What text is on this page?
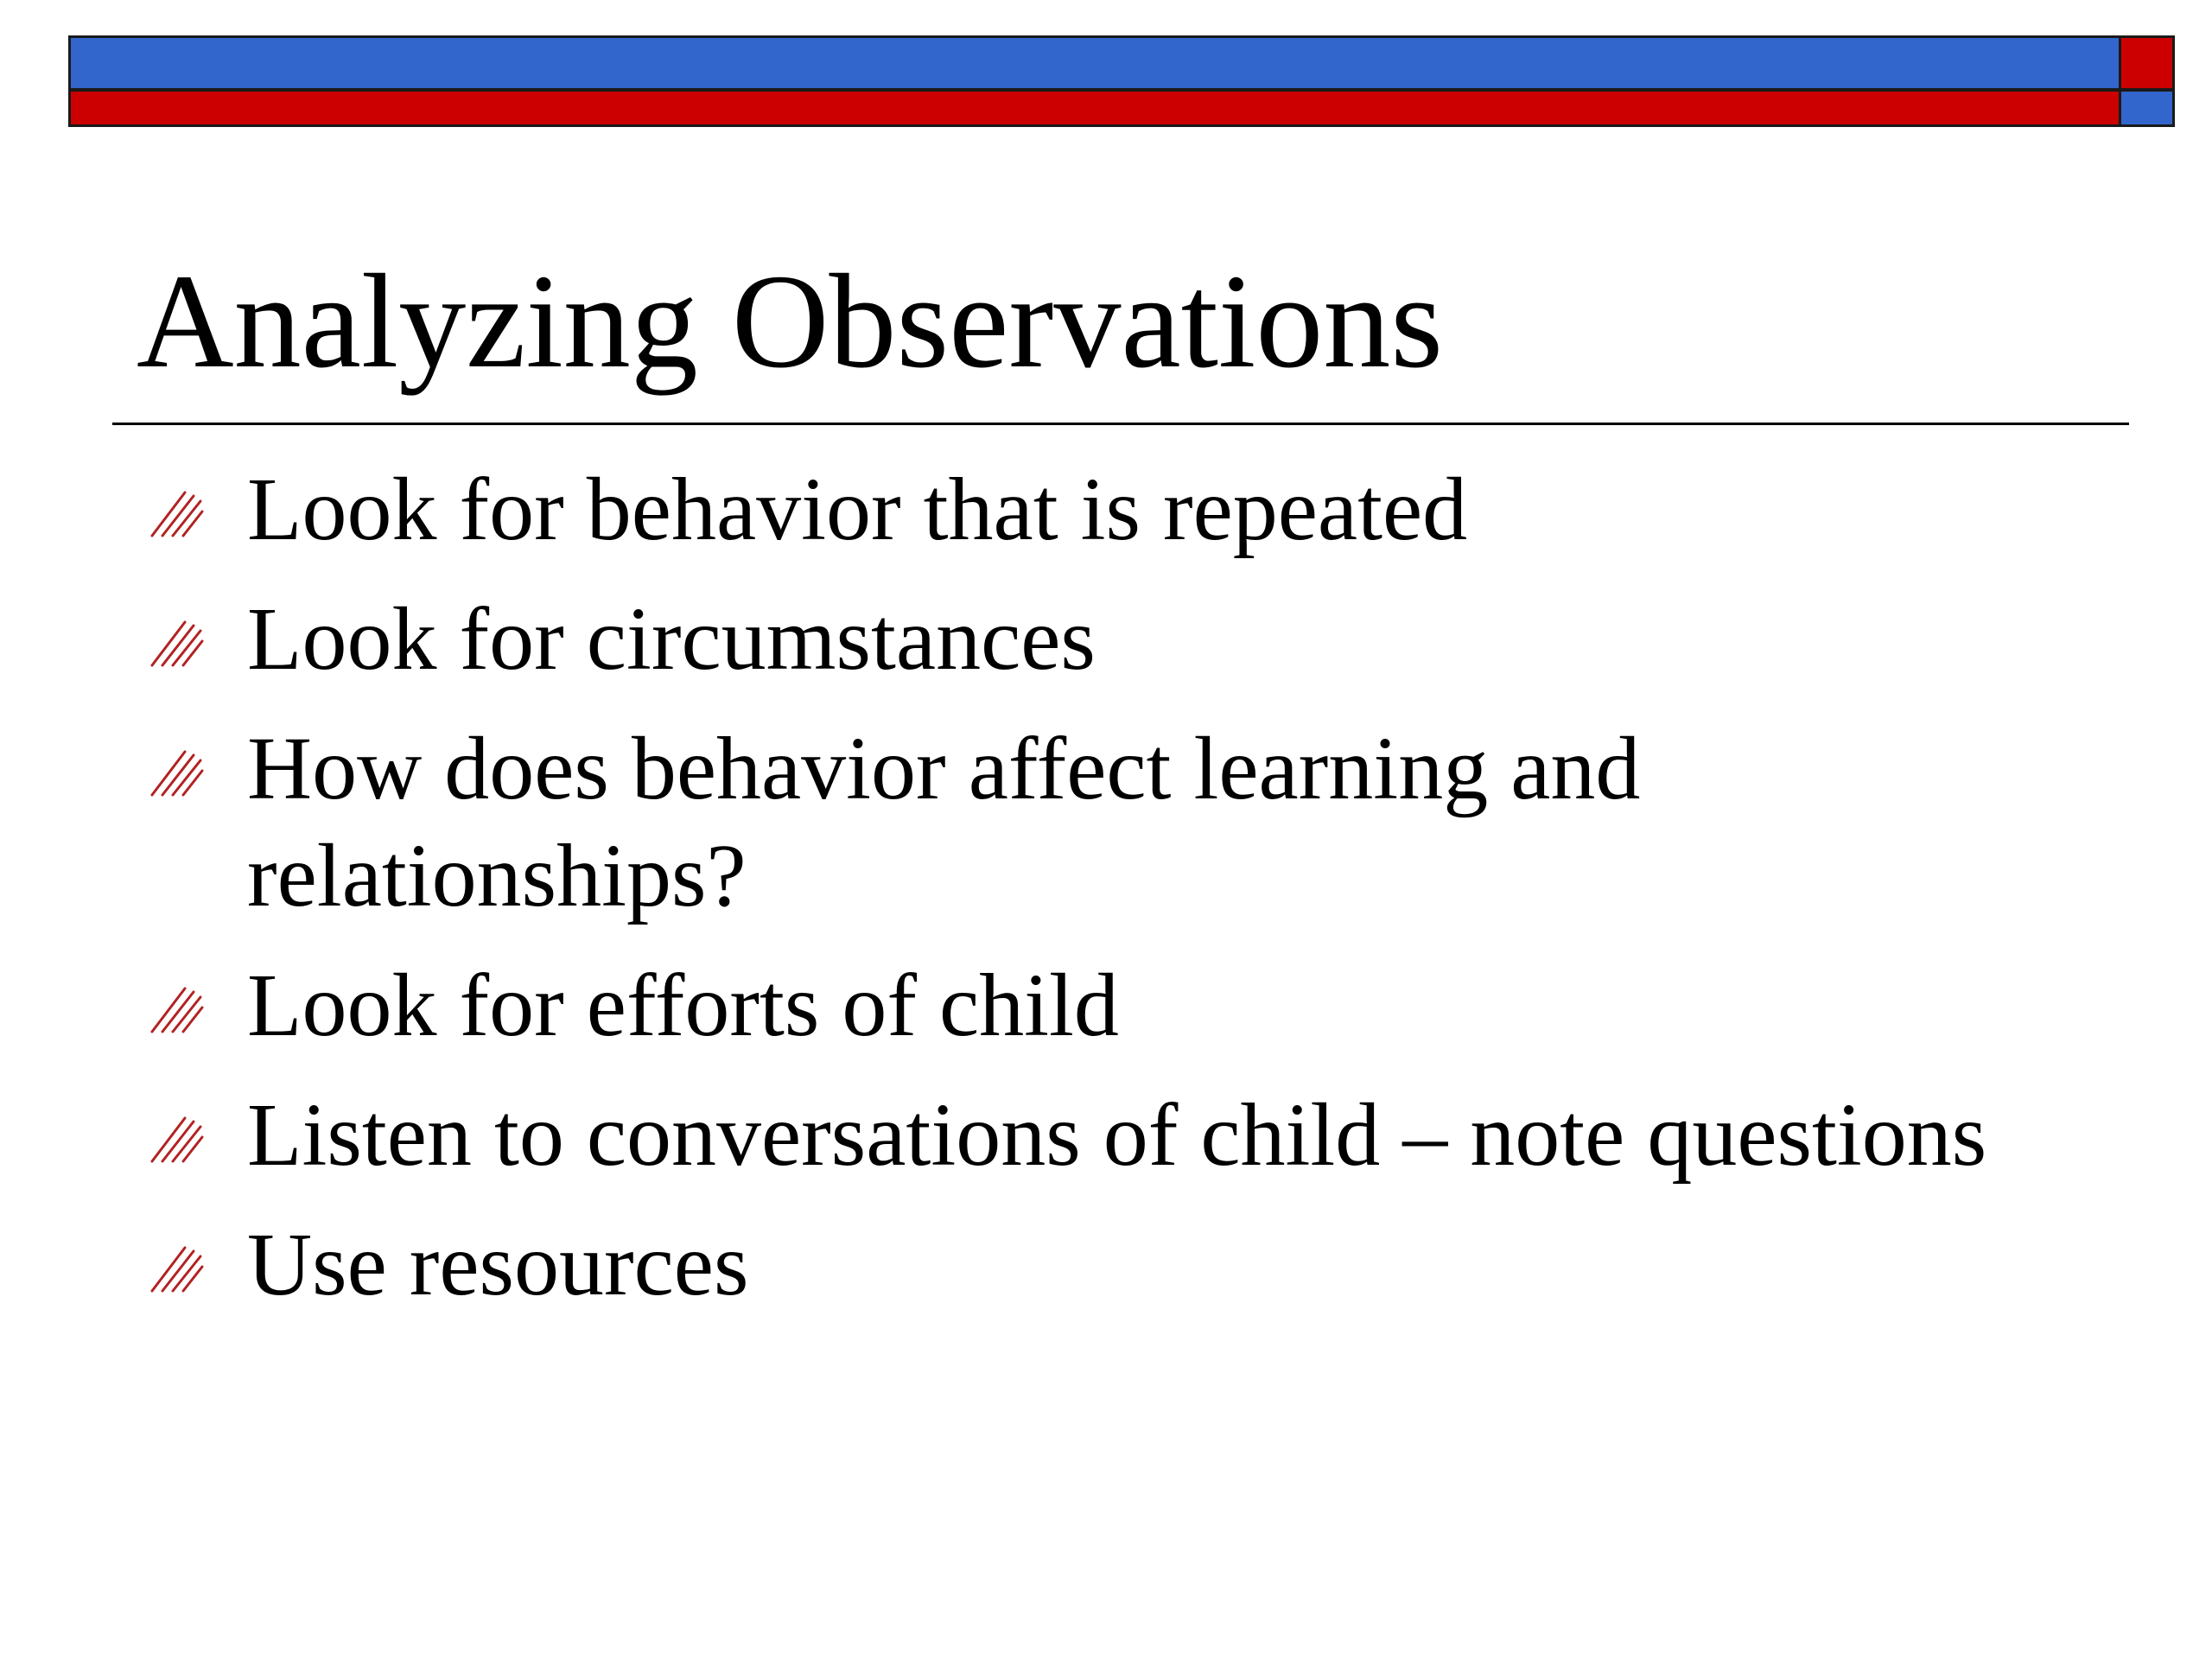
Analyzing Observations
Look for behavior that is repeated
Look for circumstances
How does behavior affect learning and relationships?
Look for efforts of child
Listen to conversations of child – note questions
Use resources
